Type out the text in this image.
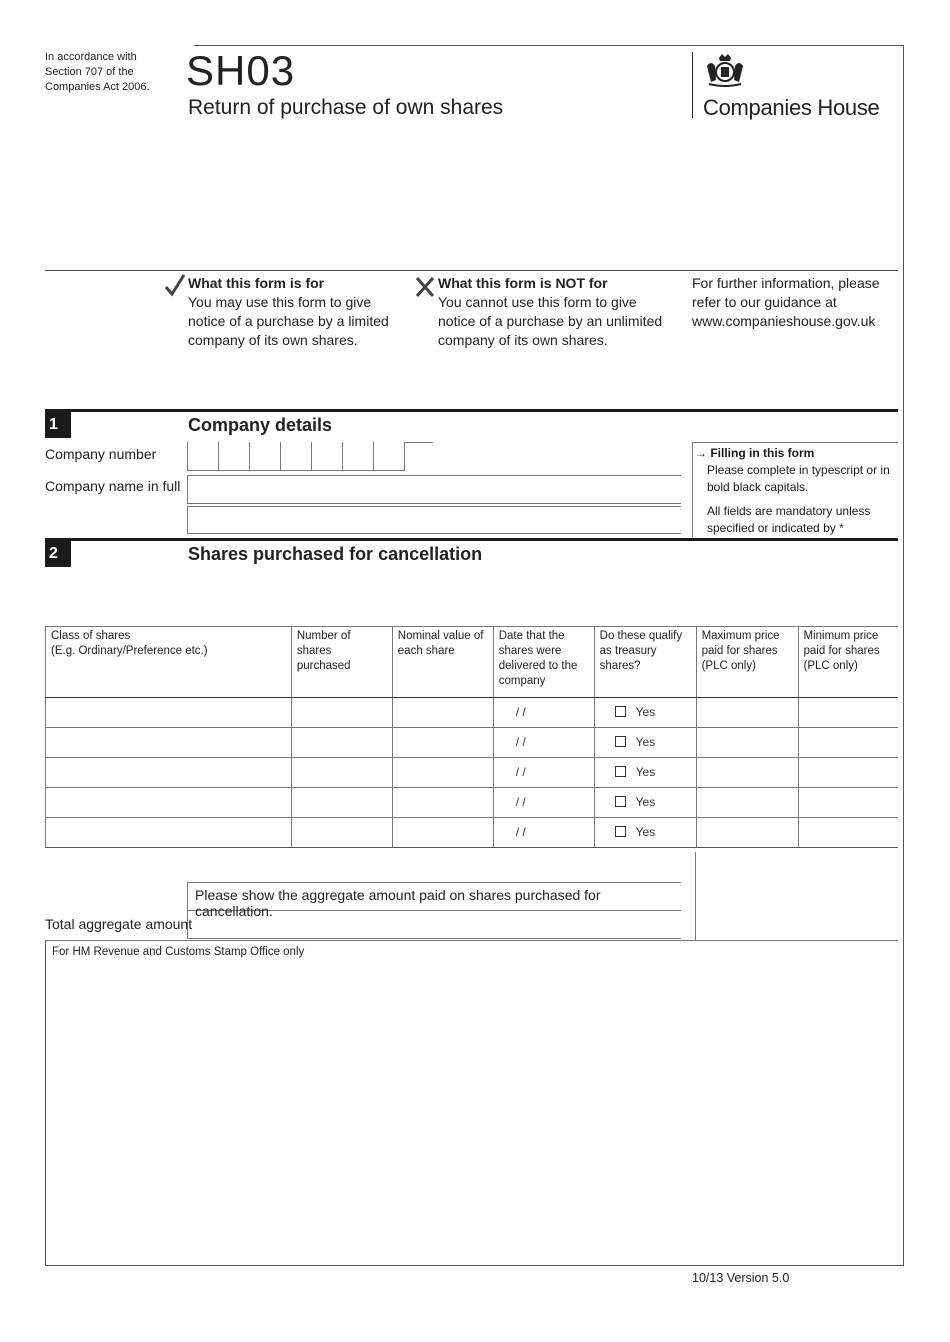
In accordance with
Section 707 of the
Companies Act 2006. SH03
Return of purchase of own shares	Companies House
What this form is for
You may use this form to give notice of a purchase by a limited company of its own shares.
What this form is NOT for
You cannot use this form to give notice of a purchase by an unlimited company of its own shares.
For further information, please refer to our guidance at www.companieshouse.gov.uk
1	Company details
Company number
Company name in full
→ Filling in this form
Please complete in typescript or in bold black capitals.
All fields are mandatory unless specified or indicated by *
2	Shares purchased for cancellation
Class of shares
(E.g. Ordinary/Preference etc.)	Number of shares purchased	Nominal value of each share	Date that the shares were delivered to the company	Do these qualify as treasury shares?	Maximum price paid for shares (PLC only)	Minimum price paid for shares (PLC only)
			/ /	Yes		
			/ /	Yes		
			/ /	Yes		
			/ /	Yes		
			/ /	Yes		
Please show the aggregate amount paid on shares purchased for cancellation.
Total aggregate amount
For HM Revenue and Customs Stamp Office only
10/13 Version 5.0
